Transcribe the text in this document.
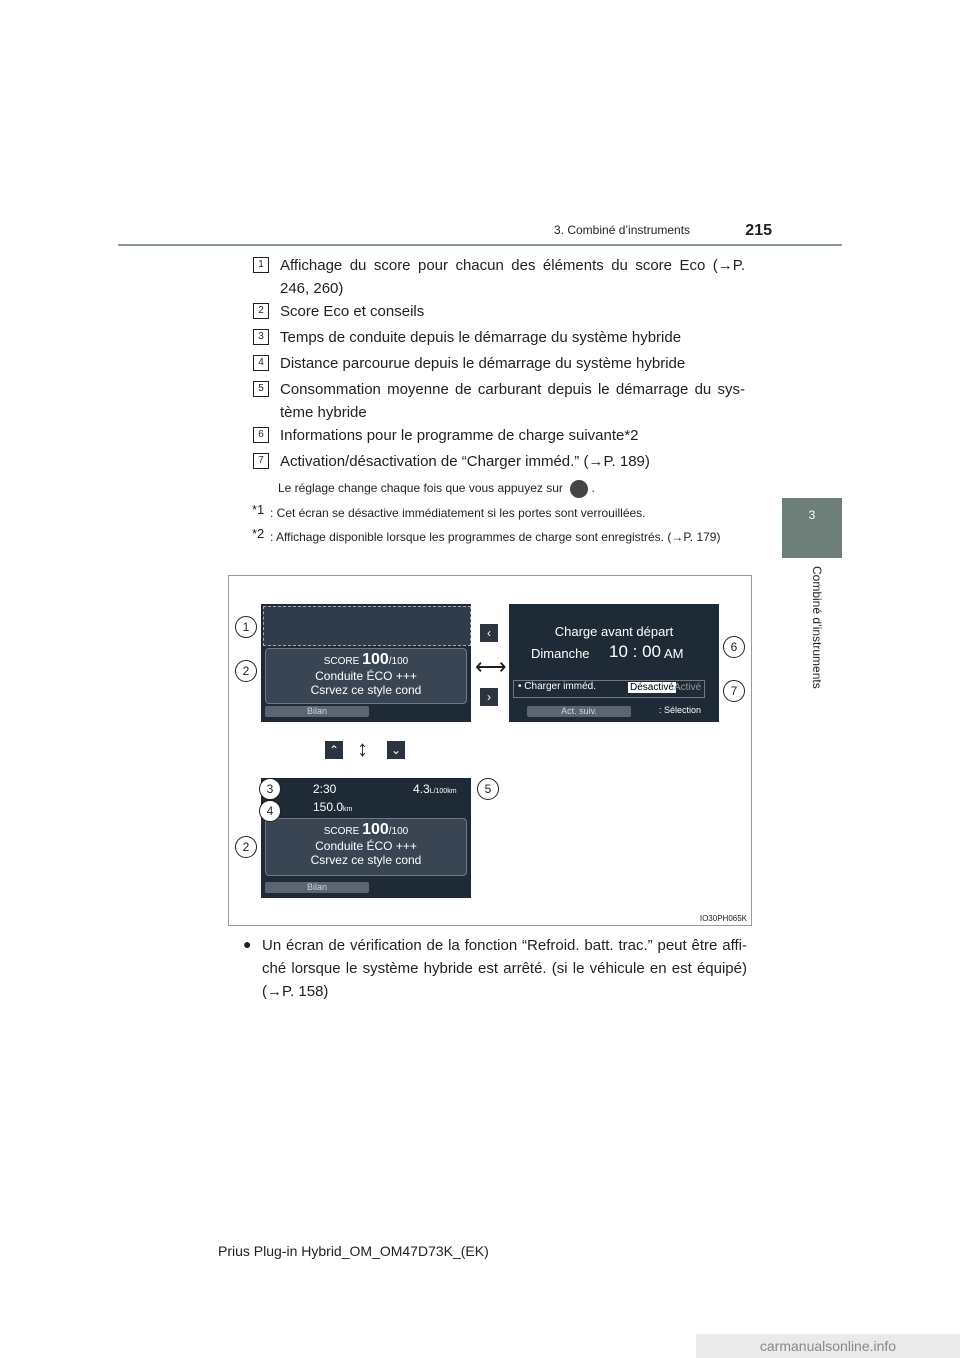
3. Combiné d’instruments	215
3
Combiné d’instruments
1	Affichage du score pour chacun des éléments du score Eco (→P. 246, 260)
2	Score Eco et conseils
3	Temps de conduite depuis le démarrage du système hybride
4	Distance parcourue depuis le démarrage du système hybride
5	Consommation moyenne de carburant depuis le démarrage du sys-tème hybride
6	Informations pour le programme de charge suivante*2
7	Activation/désactivation de “Charger imméd.” (→P. 189)
Le réglage change chaque fois que vous appuyez sur  .
*1 : Cet écran se désactive immédiatement si les portes sont verrouillées.
*2 : Affichage disponible lorsque les programmes de charge sont enregistrés. (→P. 179)
SCORE 100/100
Conduite ÉCO +++
Csrvez ce style cond
Bilan
‹
›
⟷
⌃ ↕	⌄
Charge avant départ
Dimanche 10 : 00 AM
• Charger imméd.	Désactivé Activé
Act. suiv.	: Sélection
2:30	4.3L/100km
150.0km
SCORE 100/100
Conduite ÉCO +++
Csrvez ce style cond
Bilan
1
2
6
7
3	5
4
2
IO30PH065K
● Un écran de vérification de la fonction “Refroid. batt. trac.” peut être affi-ché lorsque le système hybride est arrêté. (si le véhicule en est équipé) (→P. 158)
Prius Plug-in Hybrid_OM_OM47D73K_(EK)
carmanualsonline.info
